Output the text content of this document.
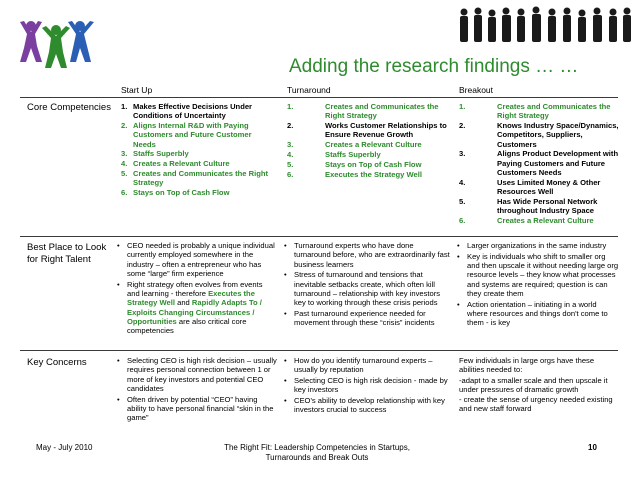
Adding the research findings … …
Start Up	Turnaround	Breakout
Core Competencies 1. Makes Effective Decisions Under Conditions of Uncertainty
2. Aligns Internal R&D with Paying Customers and Future Customer Needs
3. Staffs Superbly
4. Creates a Relevant Culture
5. Creates and Communicates the Right Strategy
6. Stays on Top of Cash Flow
1.	Creates and Communicates the Right Strategy
2.	Works Customer Relationships to Ensure Revenue Growth
3.	Creates a Relevant Culture
4.	Staffs Superbly
5.	Stays on Top of Cash Flow
6.	Executes the Strategy Well
1.	Creates and Communicates the Right Strategy
2.	Knows Industry Space/Dynamics, Competitors, Suppliers, Customers
3.	Aligns Product Development with Paying Customers and Future Customers Needs
4.	Uses Limited Money & Other Resources Well
5.	Has Wide Personal Network throughout Industry Space
6.	Creates a Relevant Culture
Best Place to Look for Right Talent
• CEO needed is probably a unique individual currently employed somewhere in the industry – often a entrepreneur who has some “large” firm experience
• Right strategy often evolves from events and learning - therefore Executes the Strategy Well and Rapidly Adapts To / Exploits Changing Circumstances / Opportunities are also critical core competencies
• Turnaround experts who have done turnaround before, who are extraordinarily fast business learners
• Stress of turnaround and tensions that inevitable setbacks create, which often kill turnaround – relationship with key investors key to working through these crisis periods
• Past turnaround experience needed for movement through these “crisis” incidents
• Larger organizations in the same industry
• Key is individuals who shift to smaller org and then upscale it without needing large org resource levels – they know what processes and systems are required; question is can they create them
• Action orientation – initiating in a world where resources and things don't come to them - is key
Key Concerns
•	Selecting CEO is high risk decision – usually requires personal connection between 1 or more of key investors and potential CEO candidates
• Often driven by potential “CEO” having ability to have personal financial “skin in the game”
• How do you identify turnaround experts – usually by reputation
• Selecting CEO is high risk decision - made by key investors
• CEO's ability to develop relationship with key investors crucial to success

Few individuals in large orgs have these abilities needed to:

-adapt to a smaller scale and then upscale it under pressures of dramatic growth

- create the sense of urgency needed existing and new staff forward

May - July 2010	The Right Fit: Leadership Competencies in Startups,
Turnarounds and Break Outs
10
